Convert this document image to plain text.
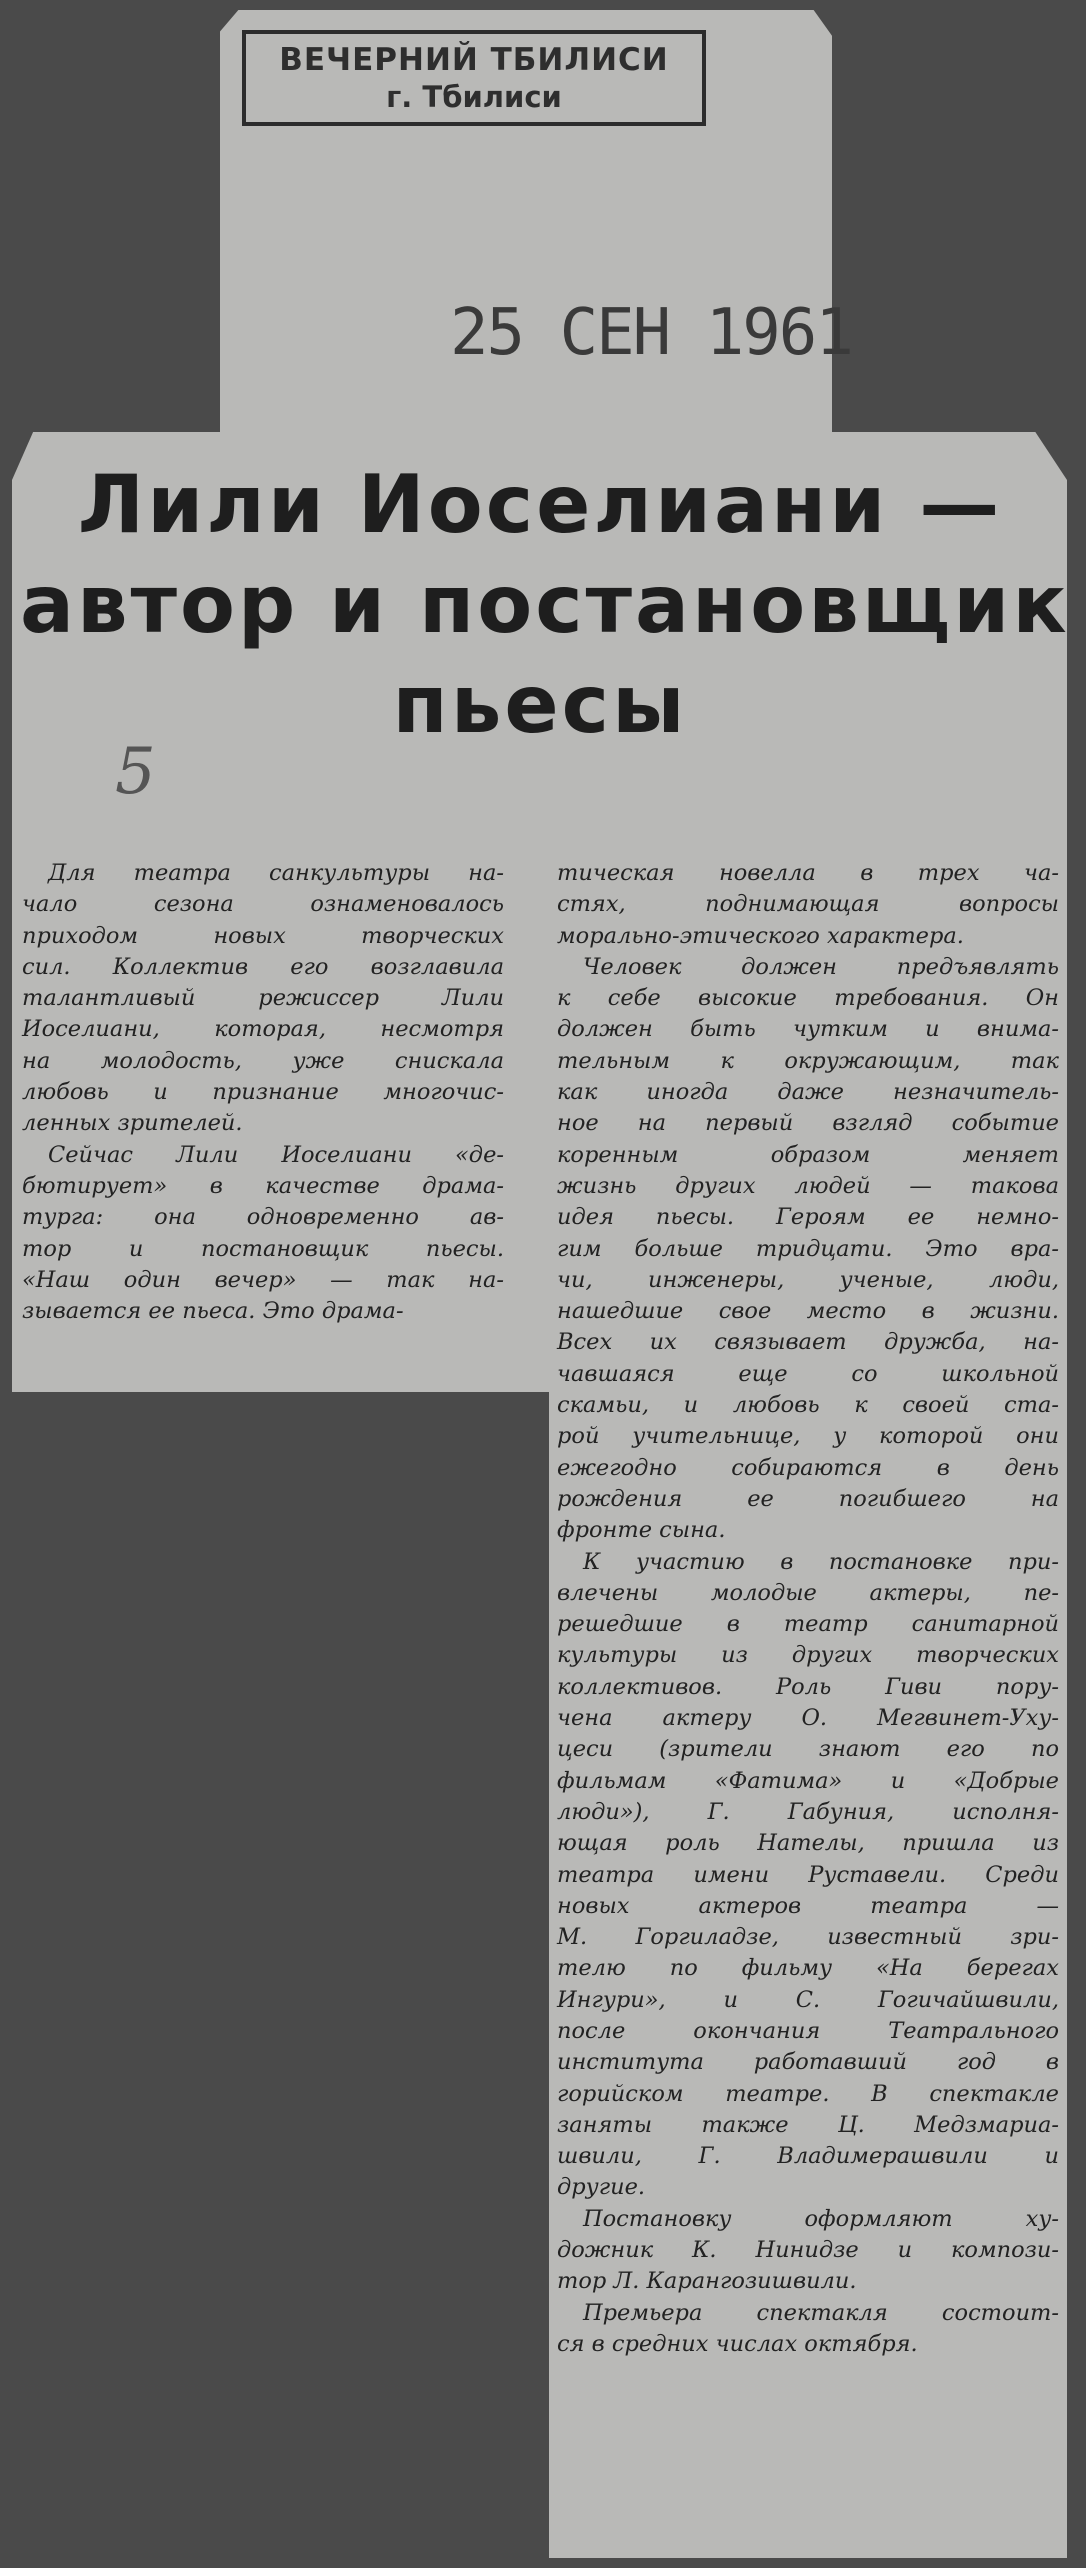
ВЕЧЕРНИЙ ТБИЛИСИ
г. Тбилиси
25 СЕН 1961
Лили Иоселиани —
автор и постановщик
пьесы
5
Для театра санкультуры на-
чало сезона ознаменовалось
приходом новых творческих
сил. Коллектив его возглавила
талантливый режиссер Лили
Иоселиани, которая, несмотря
на молодость, уже снискала
любовь и признание многочис-
ленных зрителей.
Сейчас Лили Иоселиани «де-
бютирует» в качестве драма-
турга: она одновременно ав-
тор и постановщик пьесы.
«Наш один вечер» — так на-
зывается ее пьеса. Это драма-
тическая новелла в трех ча-
стях, поднимающая вопросы
морально-этического характера.
Человек должен предъявлять
к себе высокие требования. Он
должен быть чутким и внима-
тельным к окружающим, так
как иногда даже незначитель-
ное на первый взгляд событие
коренным образом меняет
жизнь других людей — такова
идея пьесы. Героям ее немно-
гим больше тридцати. Это вра-
чи, инженеры, ученые, люди,
нашедшие свое место в жизни.
Всех их связывает дружба, на-
чавшаяся еще со школьной
скамьи, и любовь к своей ста-
рой учительнице, у которой они
ежегодно собираются в день
рождения ее погибшего на
фронте сына.
К участию в постановке при-
влечены молодые актеры, пе-
решедшие в театр санитарной
культуры из других творческих
коллективов. Роль Гиви пору-
чена актеру О. Мегвинет-Уху-
цеси (зрители знают его по
фильмам «Фатима» и «Добрые
люди»), Г. Габуния, исполня-
ющая роль Нателы, пришла из
театра имени Руставели. Среди
новых актеров театра —
М. Горгиладзе, известный зри-
телю по фильму «На берегах
Ингури», и С. Гогичайшвили,
после окончания Театрального
института работавший год в
горийском театре. В спектакле
заняты также Ц. Медзмариа-
швили, Г. Владимерашвили и
другие.
Постановку оформляют ху-
дожник К. Нинидзе и компози-
тор Л. Карангозишвили.
Премьера спектакля состоит-
ся в средних числах октября.
